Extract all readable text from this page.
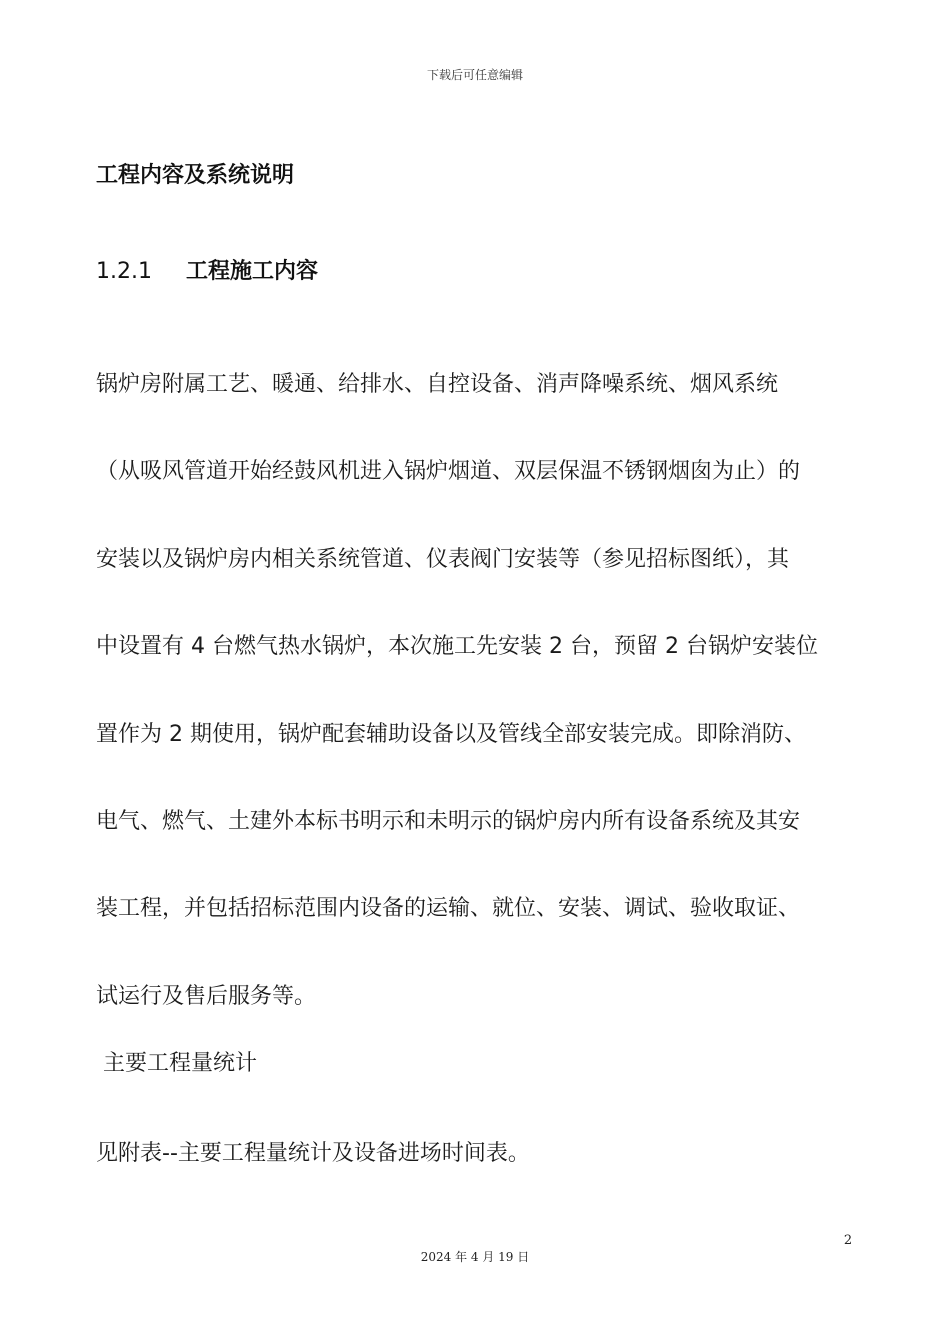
下载后可任意编辑
工程内容及系统说明
1.2.1 工程施工内容
锅炉房附属工艺、暖通、给排水、自控设备、消声降噪系统、烟风系统
（从吸风管道开始经鼓风机进入锅炉烟道、双层保温不锈钢烟囱为止）的
安装以及锅炉房内相关系统管道、仪表阀门安装等（参见招标图纸），其
中设置有 4 台燃气热水锅炉，本次施工先安装 2 台，预留 2 台锅炉安装位
置作为 2 期使用，锅炉配套辅助设备以及管线全部安装完成。即除消防、
电气、燃气、土建外本标书明示和未明示的锅炉房内所有设备系统及其安
装工程，并包括招标范围内设备的运输、就位、安装、调试、验收取证、
试运行及售后服务等。
主要工程量统计
见附表--主要工程量统计及设备进场时间表。
2
2024 年 4 月 19 日
